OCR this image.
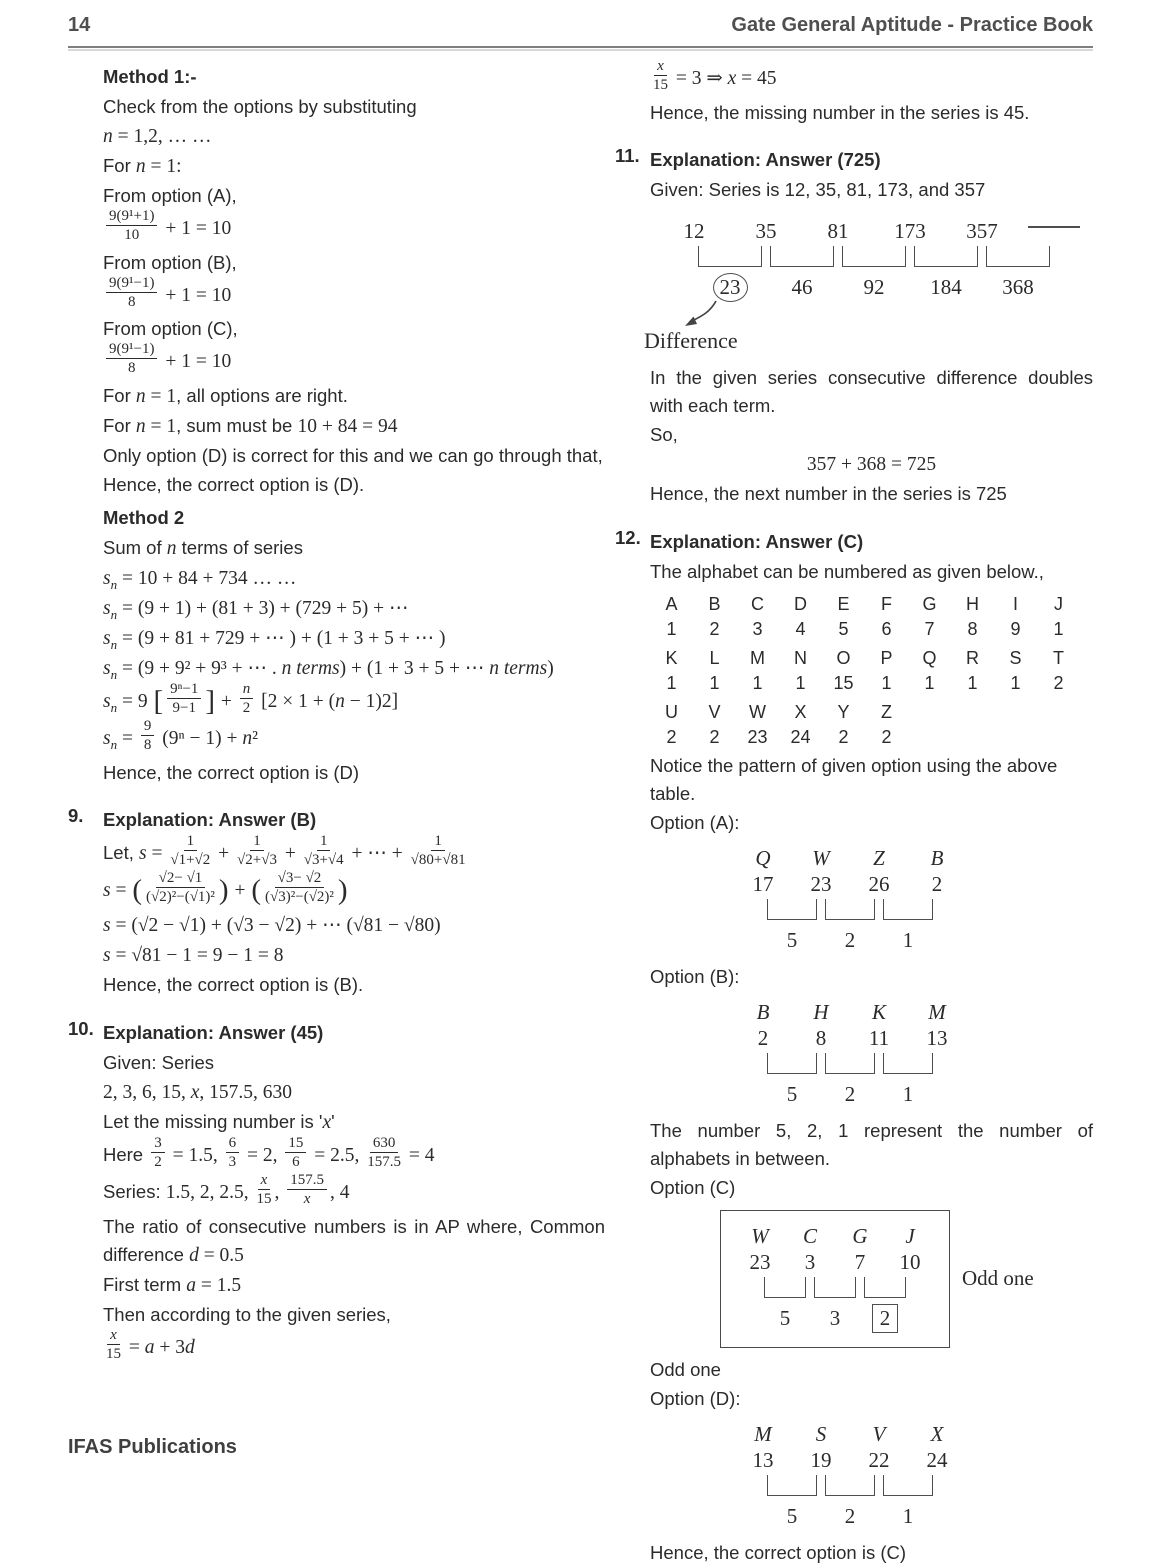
14	Gate General Aptitude - Practice Book
Method 1:-
Check from the options by substituting
n = 1,2, … …
For n = 1:
From option (A),
$\frac{\text{9(9¹+1)}}{10} + 1 = 10$
From option (B),
$\frac{\text{9(9¹−1)}}{8} + 1 = 10$
From option (C),
$\frac{\text{9(9¹−1)}}{8} + 1 = 10$
For n = 1, all options are right.
For n = 1, sum must be 10 + 84 = 94
Only option (D) is correct for this and we can go through that,
Hence, the correct option is (D).
Method 2
Sum of n terms of series
$s_n = 10 + 84 + 734$ … …
$s_n = (9 + 1) + (81 + 3) + (729 + 5)$ + ⋯
$s_n = (9 + 81 + 729$ + ⋯ ) + (1 + 3 + 5 + ⋯ )
$s_n = (9 + 9^2 + 9^3$ + ⋯ . n terms) + (1 + 3 + 5 + ⋯ n terms)
$s_n = 9$ [ $\frac{\text{9ⁿ−1}}{9-1}$ ] + $\frac{n}{2} [2 \times 1 + (n - 1)2]$
$s_n = \frac{9}{8} (9^n - 1) + n^2$
Hence, the correct option is (D)
9.	Explanation: Answer (B)
Let, $s = \frac{1}{√1+√2} + \frac{1}{√2+√3} + \frac{1}{√3+√4}$ + ⋯ + $\frac{1}{√80+√81}$
s = ( $\frac{√2- √1}{\text{(√2)²−(√1)²}}$ ) + ( $\frac{√3- √2}{\text{(√3)²−(√2)²}}$ )
s = (√2 − √1) + (√3 − √2) + ⋯ (√81 − √80)
s = √81 − 1 = 9 − 1 = 8
Hence, the correct option is (B).
10. Explanation: Answer (45)
Given: Series
2, 3, 6, 15, x, 157.5, 630
Let the missing number is 'x'
Here $\frac{3}{2} = 1.5$, $\frac{6}{3} = 2$, $\frac{15}{6} = 2.5$, $\frac{630}{157.5} = 4$
Series: 1.5, 2, 2.5, $\frac{x}{15}$ , $\frac{157.5}{x}$ , 4
The ratio of consecutive numbers is in AP where, Common difference d = 0.5
First term a = 1.5
Then according to the given series,
$\frac{x}{15} = a + 3d$
$\frac{x}{15} = 3$ ⇒ x = 45
Hence, the missing number in the series is 45.
11. Explanation: Answer (725)
Given: Series is 12, 35, 81, 173, and 357
12	35	81	173	357
23	46	92	184	368
Difference
In the given series consecutive difference doubles with each term.
So,
357 + 368 = 725
Hence, the next number in the series is 725
12. Explanation: Answer (C)
The alphabet can be numbered as given below.,
A	B	C	D	E	F	G	H	I	J
1	2	3	4	5	6	7	8	9	1
K	L	M	N	O	P	Q	R	S	T
1	1	1	1	15	1	1	1	1	2
U	V	W	X	Y	Z
2	2	23	24	2	2
Notice the pattern of given option using the above table.
Option (A):
Q	W	Z	B
17	23	26	2
5	2	1
Option (B):
B	H	K	M
2	8	11	13
5	2	1
The number 5, 2, 1 represent the number of alphabets in between.
Option (C)
W	C	G	J
23	3	7	10
5	3	2
Odd one
Odd one
Option (D):
M	S	V	X
13	19	22	24
5	2	1
Hence, the correct option is (C)
IFAS Publications
